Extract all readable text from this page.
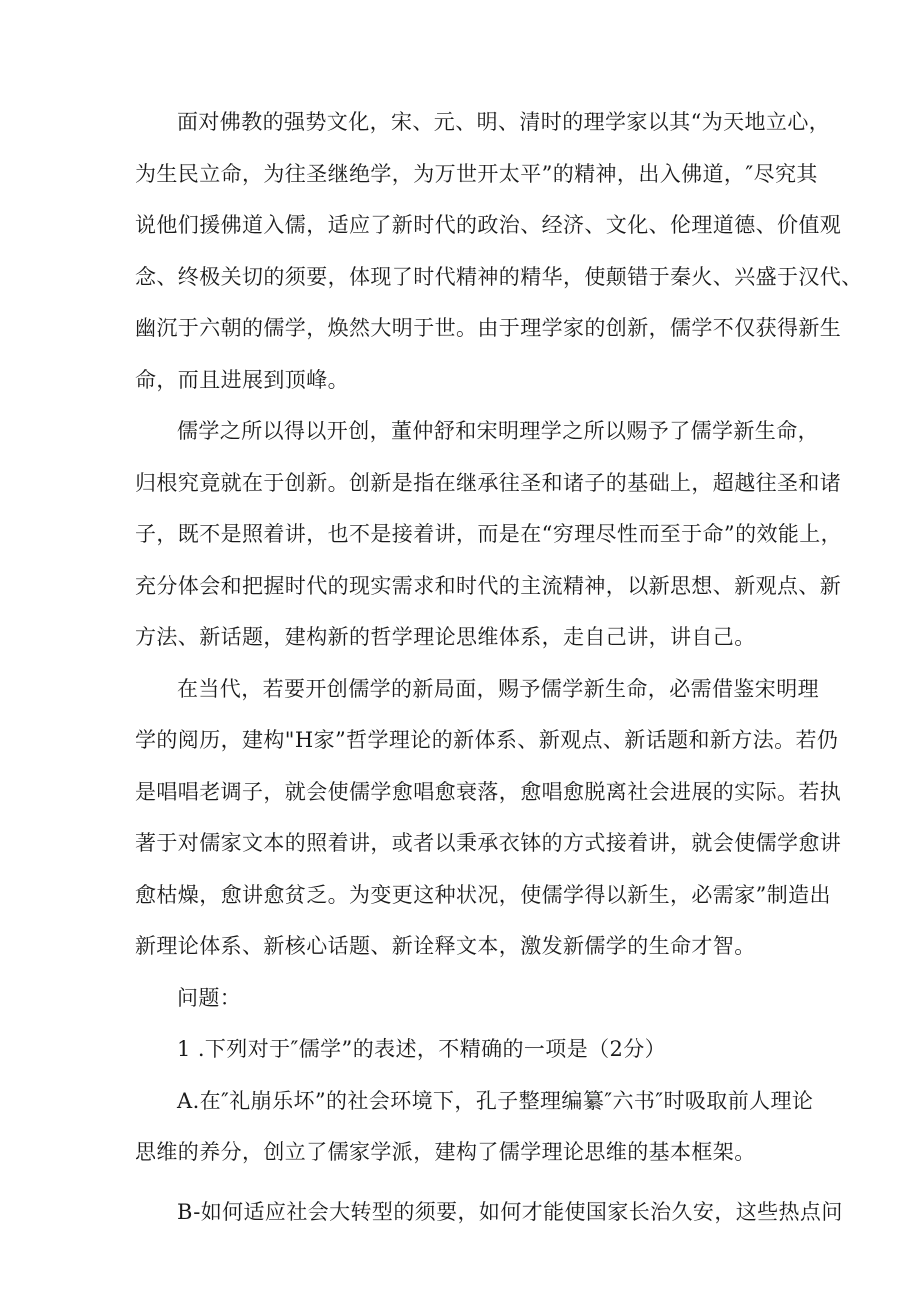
面对佛教的强势文化，宋、元、明、清时的理学家以其“为天地立心，
为生民立命，为往圣继绝学，为万世开太平”的精神，出入佛道，″尽究其
说他们援佛道入儒，适应了新时代的政治、经济、文化、伦理道德、价值观
念、终极关切的须要，体现了时代精神的精华，使颠错于秦火、兴盛于汉代、
幽沉于六朝的儒学，焕然大明于世。由于理学家的创新，儒学不仅获得新生
命，而且进展到顶峰。
儒学之所以得以开创，董仲舒和宋明理学之所以赐予了儒学新生命，
归根究竟就在于创新。创新是指在继承往圣和诸子的基础上，超越往圣和诸
子，既不是照着讲，也不是接着讲，而是在“穷理尽性而至于命”的效能上，
充分体会和把握时代的现实需求和时代的主流精神，以新思想、新观点、新
方法、新话题，建构新的哲学理论思维体系，走自己讲，讲自己。
在当代，若要开创儒学的新局面，赐予儒学新生命，必需借鉴宋明理
学的阅历，建构"H家”哲学理论的新体系、新观点、新话题和新方法。若仍
是唱唱老调子，就会使儒学愈唱愈衰落，愈唱愈脱离社会进展的实际。若执
著于对儒家文本的照着讲，或者以秉承衣钵的方式接着讲，就会使儒学愈讲
愈枯燥，愈讲愈贫乏。为变更这种状况，使儒学得以新生，必需家”制造出
新理论体系、新核心话题、新诠释文本，激发新儒学的生命才智。
问题：
1 .下列对于″儒学”的表述，不精确的一项是（2分）
A.在″礼崩乐坏”的社会环境下，孔子整理编纂″六书″时吸取前人理论
思维的养分，创立了儒家学派，建构了儒学理论思维的基本框架。
B-如何适应社会大转型的须要，如何才能使国家长治久安，这些热点问
